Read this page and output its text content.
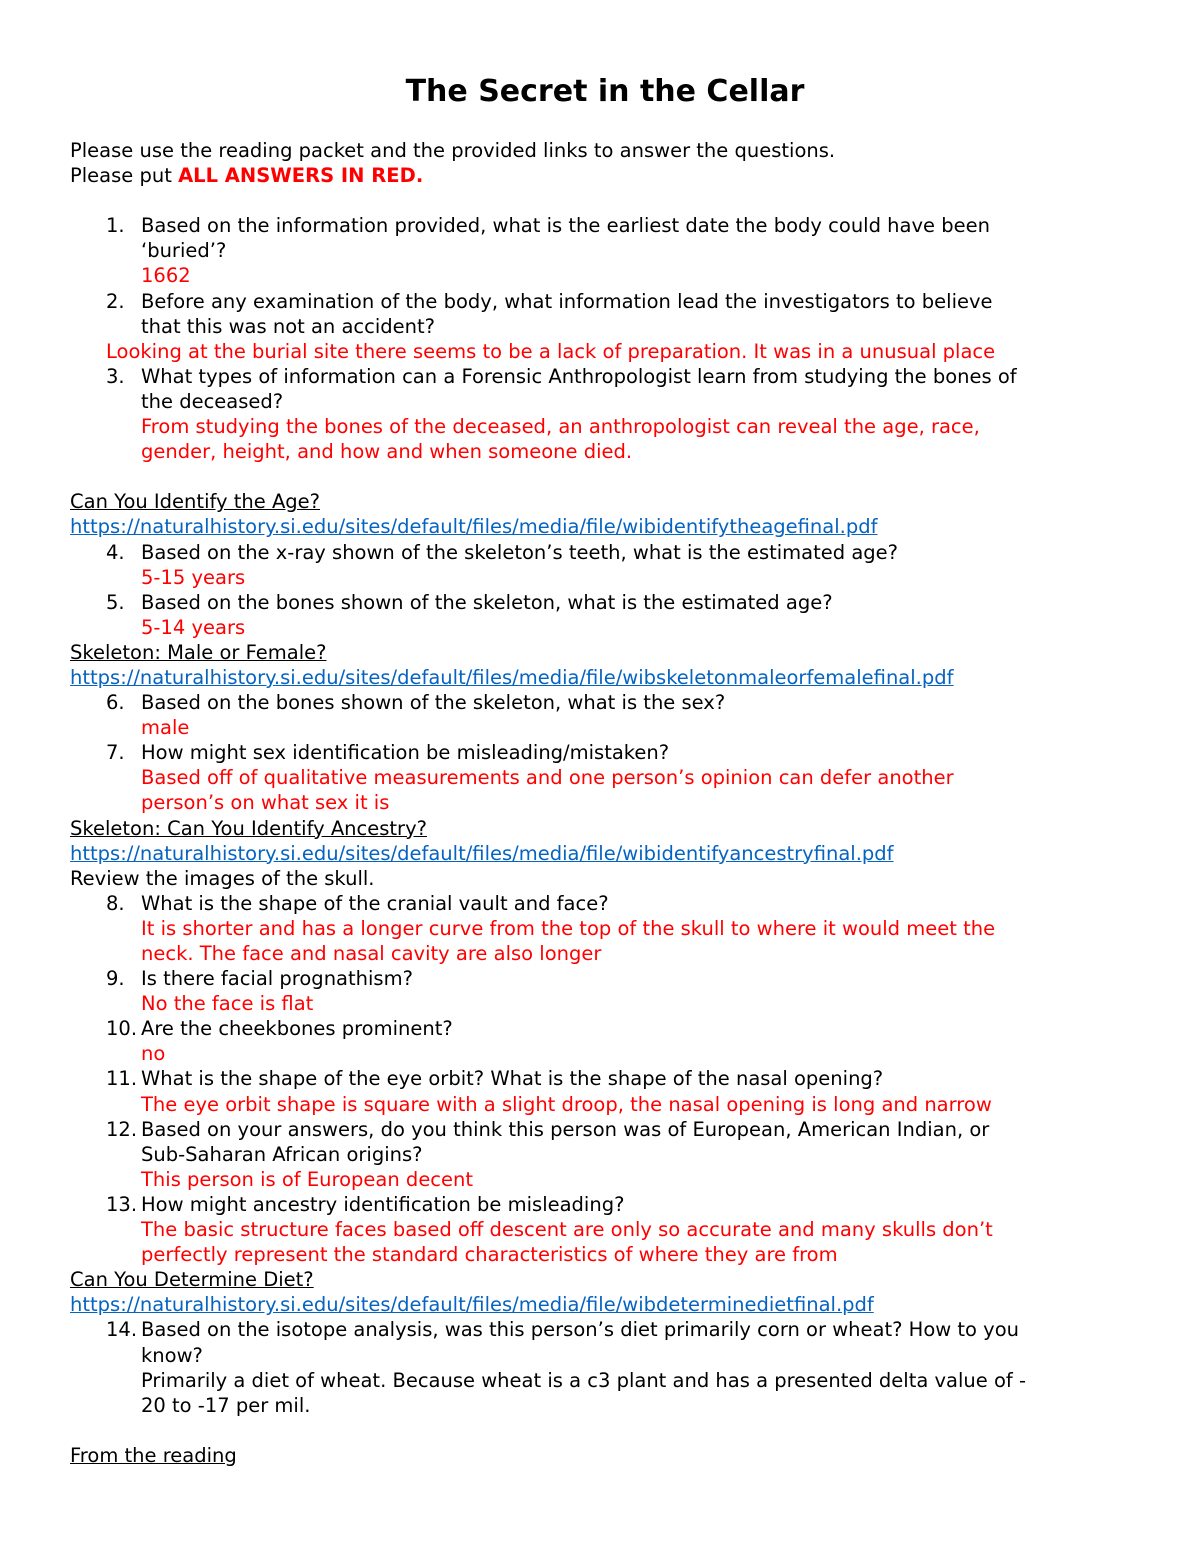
The Secret in the Cellar
Please use the reading packet and the provided links to answer the questions.
Please put ALL ANSWERS IN RED.
1. Based on the information provided, what is the earliest date the body could have been
‘buried’?
1662
2. Before any examination of the body, what information lead the investigators to believe
that this was not an accident?
Looking at the burial site there seems to be a lack of preparation. It was in a unusual place
3. What types of information can a Forensic Anthropologist learn from studying the bones of
the deceased?
From studying the bones of the deceased, an anthropologist can reveal the age, race,
gender, height, and how and when someone died.
Can You Identify the Age?
https://naturalhistory.si.edu/sites/default/files/media/file/wibidentifytheagefinal.pdf
4. Based on the x-ray shown of the skeleton’s teeth, what is the estimated age?
5-15 years
5. Based on the bones shown of the skeleton, what is the estimated age?
5-14 years
Skeleton: Male or Female?
https://naturalhistory.si.edu/sites/default/files/media/file/wibskeletonmaleorfemalefinal.pdf
6. Based on the bones shown of the skeleton, what is the sex?
male
7. How might sex identification be misleading/mistaken?
Based off of qualitative measurements and one person’s opinion can defer another
person’s on what sex it is
Skeleton: Can You Identify Ancestry?
https://naturalhistory.si.edu/sites/default/files/media/file/wibidentifyancestryfinal.pdf
Review the images of the skull.
8. What is the shape of the cranial vault and face?
It is shorter and has a longer curve from the top of the skull to where it would meet the
neck. The face and nasal cavity are also longer
9. Is there facial prognathism?
No the face is flat
10. Are the cheekbones prominent?
no
11. What is the shape of the eye orbit? What is the shape of the nasal opening?
The eye orbit shape is square with a slight droop, the nasal opening is long and narrow
12. Based on your answers, do you think this person was of European, American Indian, or
Sub-Saharan African origins?
This person is of European decent
13. How might ancestry identification be misleading?
The basic structure faces based off descent are only so accurate and many skulls don’t
perfectly represent the standard characteristics of where they are from
Can You Determine Diet?
https://naturalhistory.si.edu/sites/default/files/media/file/wibdeterminedietfinal.pdf
14. Based on the isotope analysis, was this person’s diet primarily corn or wheat? How to you
know?
Primarily a diet of wheat. Because wheat is a c3 plant and has a presented delta value of -
20 to -17 per mil.
From the reading
